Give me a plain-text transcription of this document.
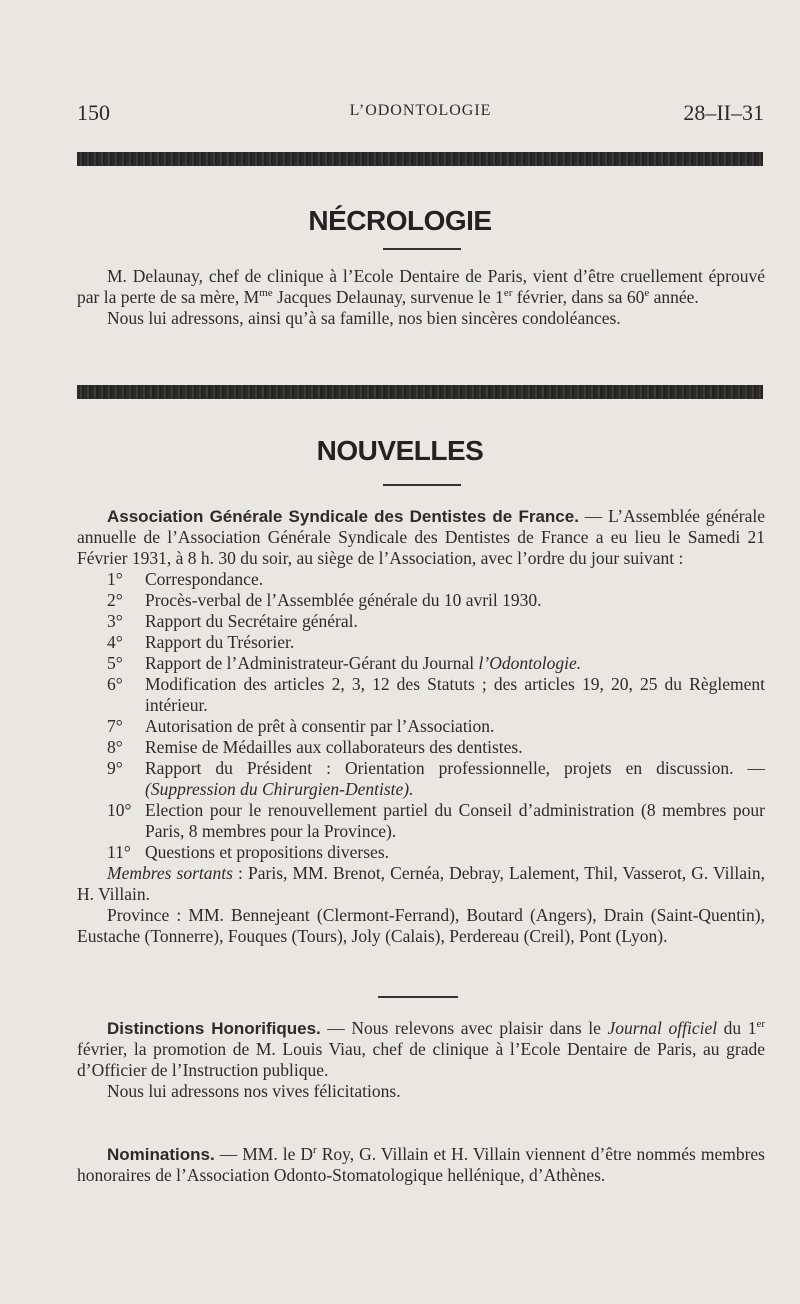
150	L’ODONTOLOGIE	28–II–31
NÉCROLOGIE

M. Delaunay, chef de clinique à l’Ecole Dentaire de Paris, vient d’être cruellement éprouvé par la perte de sa mère, $M^{me}$ Jacques Delaunay, survenue le 1er février, dans sa 60e année.

Nous lui adressons, ainsi qu’à sa famille, nos bien sincères condoléances.

NOUVELLES

Association Générale Syndicale des Dentistes de France. — L’Assemblée générale annuelle de l’Association Générale Syndicale des Dentistes de France a eu lieu le Samedi 21 Février 1931, à 8 h. 30 du soir, au siège de l’Association, avec l’ordre du jour suivant :

1°	Correspondance.
2°	Procès-verbal de l’Assemblée générale du 10 avril 1930.
3°	Rapport du Secrétaire général.
4°	Rapport du Trésorier.
5°	Rapport de l’Administrateur-Gérant du Journal l’Odontologie.
6°	Modification des articles 2, 3, 12 des Statuts ; des articles 19, 20, 25 du Règlement intérieur.
7°	Autorisation de prêt à consentir par l’Association.
8°	Remise de Médailles aux collaborateurs des dentistes.
9°	Rapport du Président : Orientation professionnelle, projets en discussion. — (Suppression du Chirurgien-Dentiste).
10° Election pour le renouvellement partiel du Conseil d’administration (8 membres pour Paris, 8 membres pour la Province).
11° Questions et propositions diverses.

Membres sortants : Paris, MM. Brenot, Cernéa, Debray, Lalement, Thil, Vasserot, G. Villain, H. Villain.

Province : MM. Bennejeant (Clermont-Ferrand), Boutard (Angers), Drain (Saint-Quentin), Eustache (Tonnerre), Fouques (Tours), Joly (Calais), Perdereau (Creil), Pont (Lyon).

Distinctions Honorifiques. — Nous relevons avec plaisir dans le Journal officiel du 1er février, la promotion de M. Louis Viau, chef de clinique à l’Ecole Dentaire de Paris, au grade d’Officier de l’Instruction publique.

Nous lui adressons nos vives félicitations.

Nominations. — MM. le $D^r$ Roy, G. Villain et H. Villain viennent d’être nommés membres honoraires de l’Association Odonto-Stomatologique hellénique, d’Athènes.
